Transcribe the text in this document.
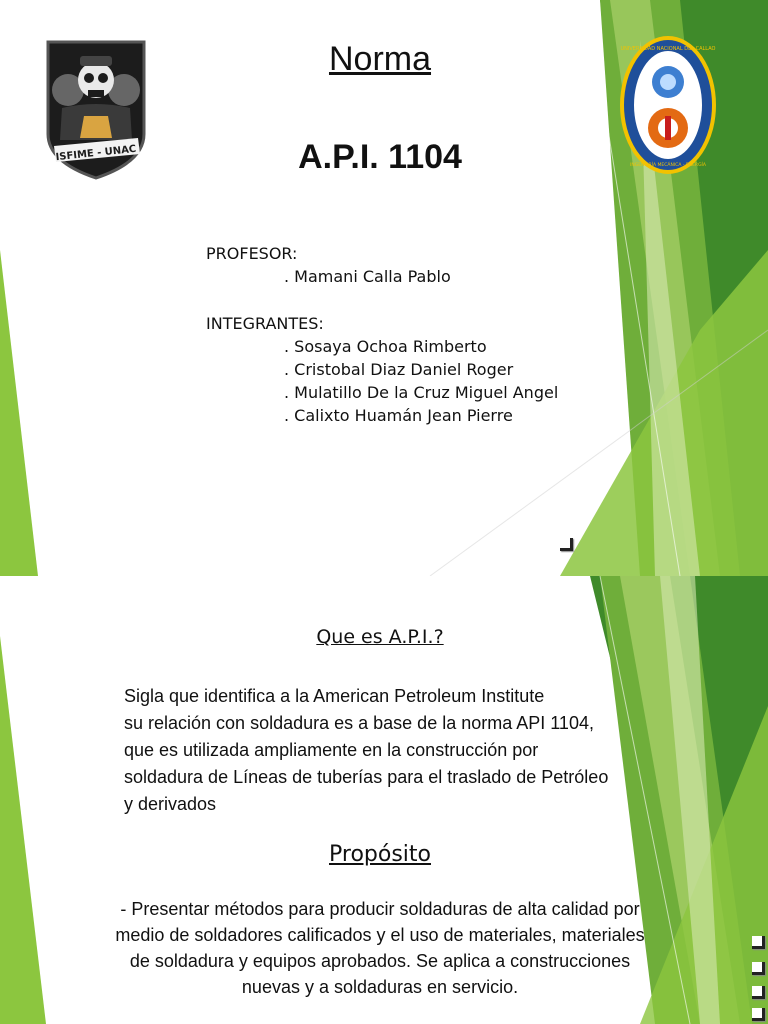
ISFIME - UNAC
UNIVERSIDAD NACIONAL DEL CALLAO
INGENIERÍA MECÁNICA - ENERGÍA
Norma
A.P.I. 1104
PROFESOR:
. Mamani Calla Pablo
INTEGRANTES:
. Sosaya Ochoa Rimberto
. Cristobal Diaz Daniel Roger
. Mulatillo De la Cruz Miguel Angel
. Calixto Huamán Jean Pierre
Que es A.P.I.?
Sigla que identifica a la American Petroleum Institute
su relación con soldadura es a base de la norma API 1104,
que es utilizada ampliamente en la construcción por
soldadura de Líneas de tuberías para el traslado de Petróleo
y derivados
Propósito
- Presentar métodos para producir soldaduras de alta calidad por
medio de soldadores calificados y el uso de materiales, materiales
de soldadura y equipos aprobados. Se aplica a construcciones
nuevas y a soldaduras en servicio.
